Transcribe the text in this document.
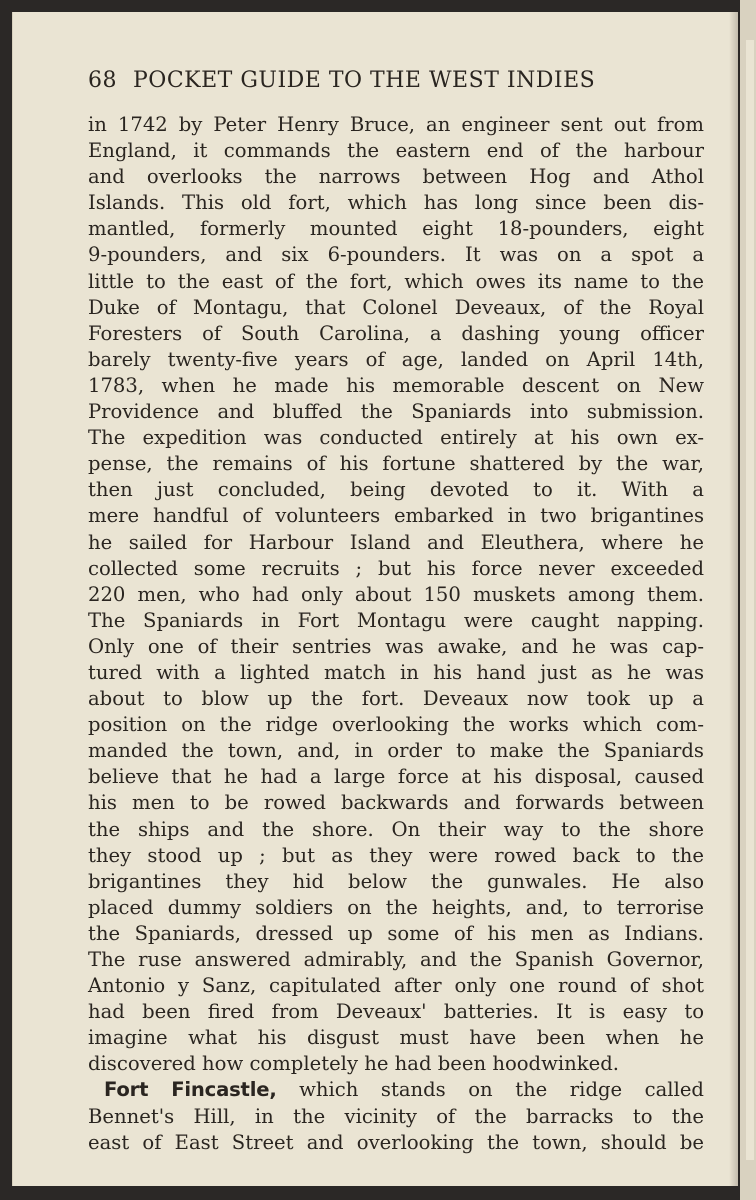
68 POCKET GUIDE TO THE WEST INDIES
in 1742 by Peter Henry Bruce, an engineer sent out from
England, it commands the eastern end of the harbour
and overlooks the narrows between Hog and Athol
Islands. This old fort, which has long since been dis-
mantled, formerly mounted eight 18-pounders, eight
9-pounders, and six 6-pounders. It was on a spot a
little to the east of the fort, which owes its name to the
Duke of Montagu, that Colonel Deveaux, of the Royal
Foresters of South Carolina, a dashing young officer
barely twenty-five years of age, landed on April 14th,
1783, when he made his memorable descent on New
Providence and bluffed the Spaniards into submission.
The expedition was conducted entirely at his own ex-
pense, the remains of his fortune shattered by the war,
then just concluded, being devoted to it. With a
mere handful of volunteers embarked in two brigantines
he sailed for Harbour Island and Eleuthera, where he
collected some recruits ; but his force never exceeded
220 men, who had only about 150 muskets among them.
The Spaniards in Fort Montagu were caught napping.
Only one of their sentries was awake, and he was cap-
tured with a lighted match in his hand just as he was
about to blow up the fort. Deveaux now took up a
position on the ridge overlooking the works which com-
manded the town, and, in order to make the Spaniards
believe that he had a large force at his disposal, caused
his men to be rowed backwards and forwards between
the ships and the shore. On their way to the shore
they stood up ; but as they were rowed back to the
brigantines they hid below the gunwales. He also
placed dummy soldiers on the heights, and, to terrorise
the Spaniards, dressed up some of his men as Indians.
The ruse answered admirably, and the Spanish Governor,
Antonio y Sanz, capitulated after only one round of shot
had been fired from Deveaux' batteries. It is easy to
imagine what his disgust must have been when he
discovered how completely he had been hoodwinked.
Fort Fincastle, which stands on the ridge called
Bennet's Hill, in the vicinity of the barracks to the
east of East Street and overlooking the town, should be
